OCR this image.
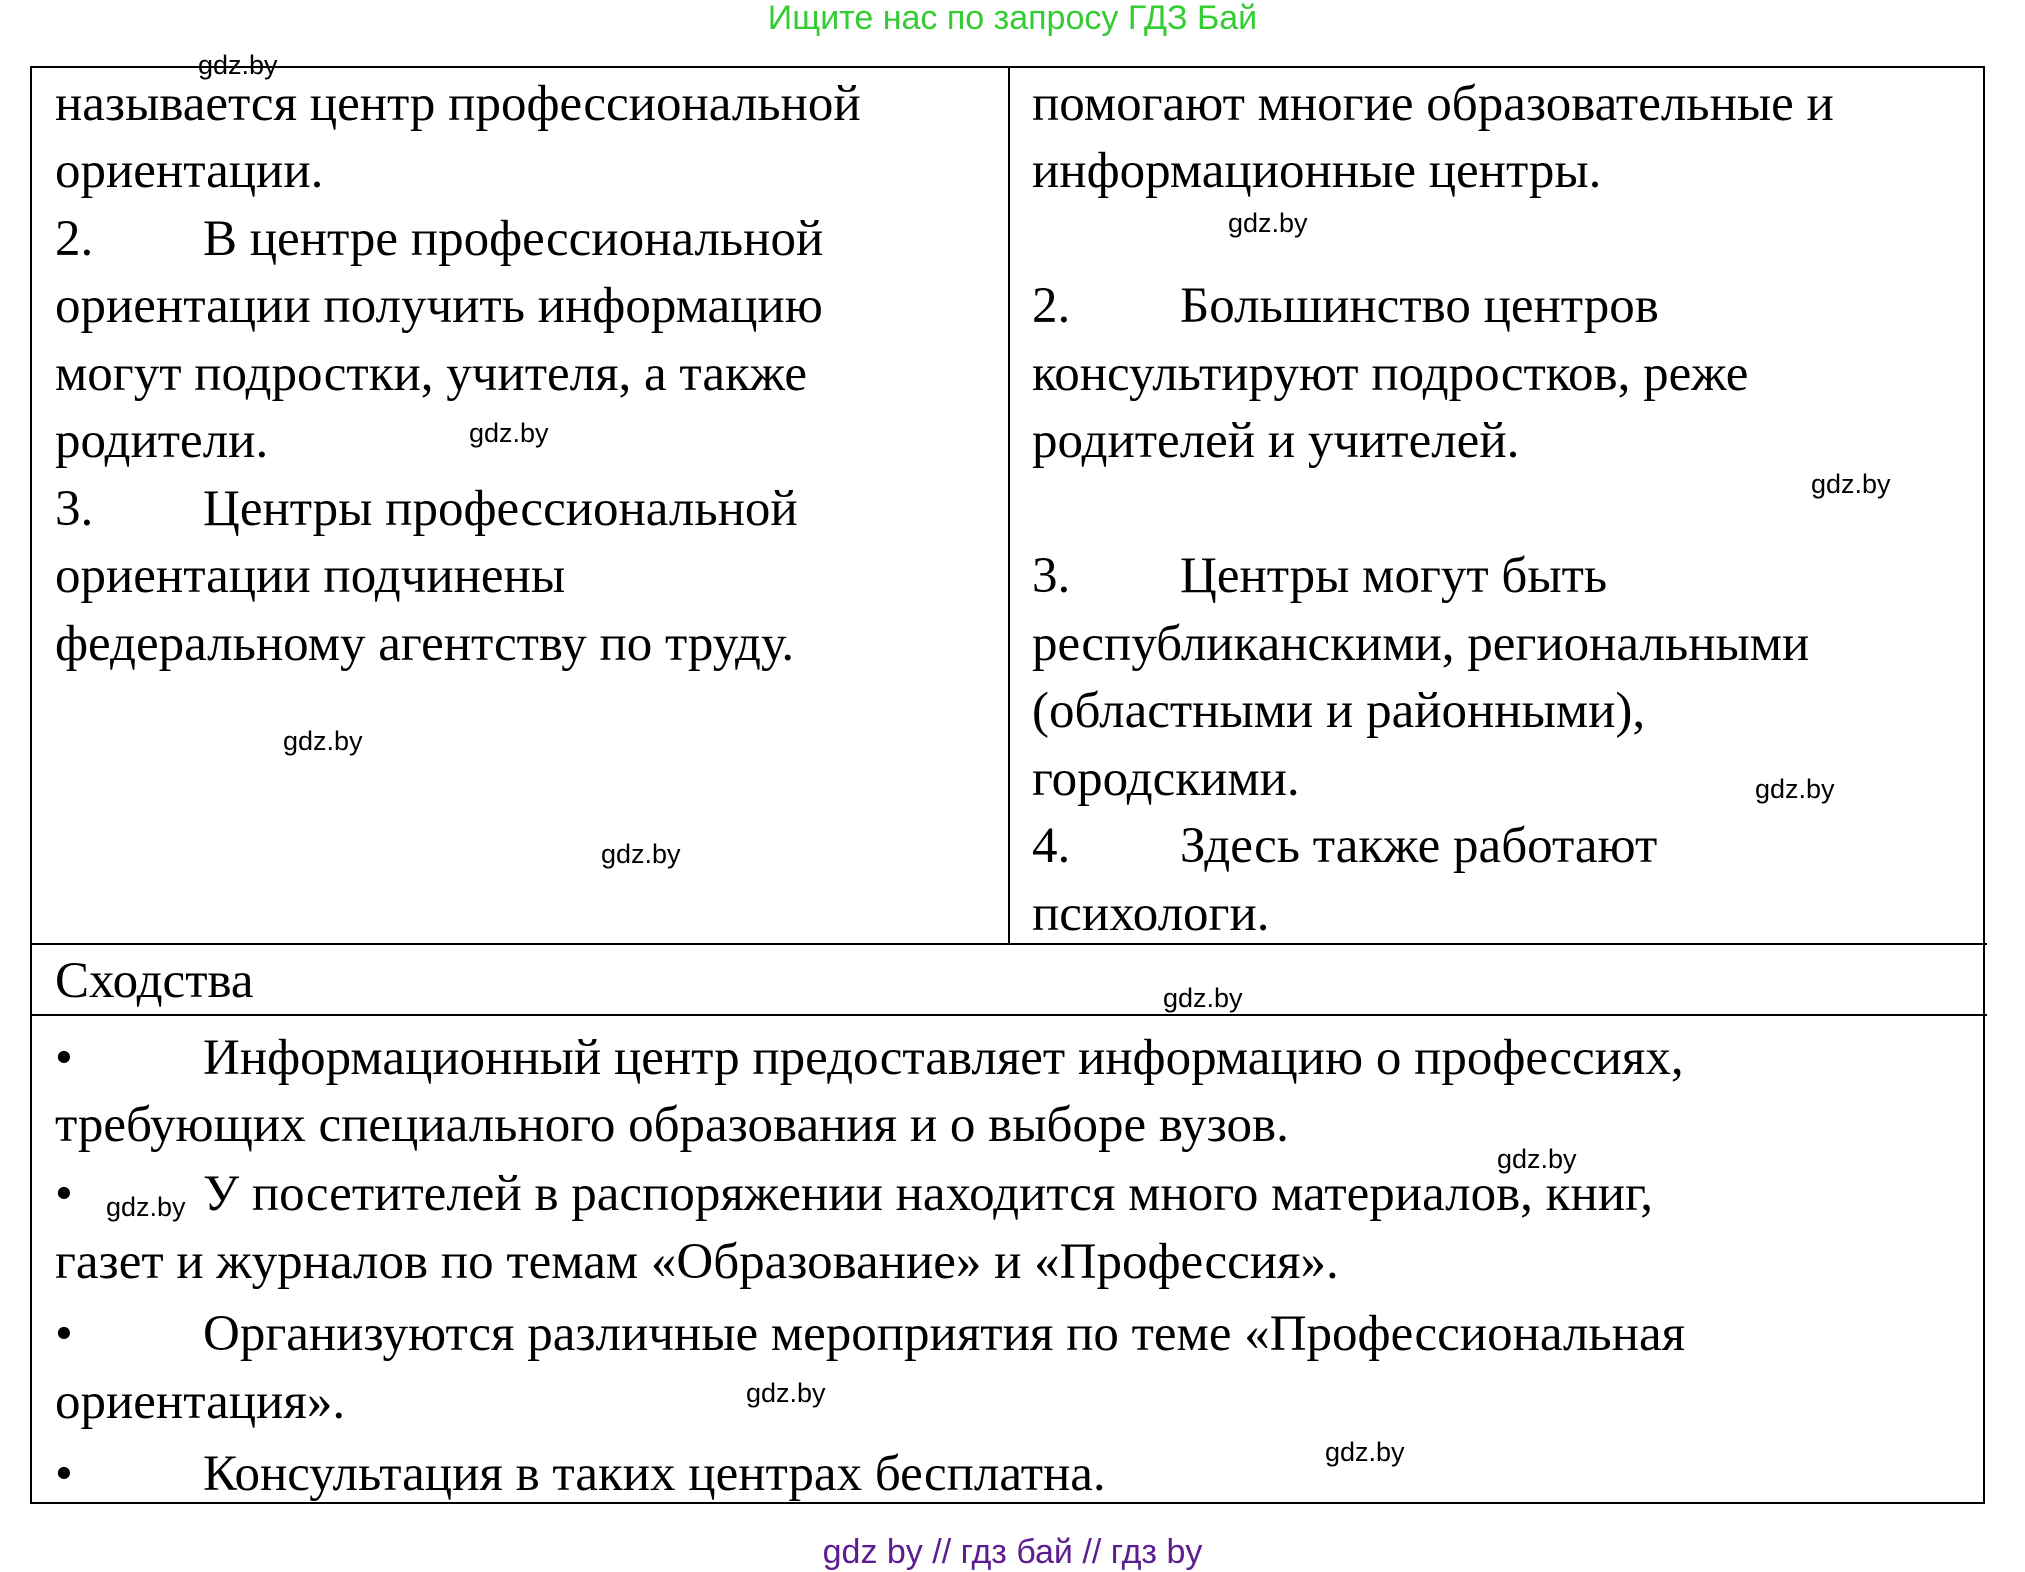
Ищите нас по запросу ГДЗ Бай
называется центр профессиональной
ориентации.
2. В центре профессиональной
ориентации получить информацию
могут подростки, учителя, а также
родители.
3. Центры профессиональной
ориентации подчинены
федеральному агентству по труду.
помогают многие образовательные и
информационные центры.
2. Большинство центров
консультируют подростков, реже
родителей и учителей.
3. Центры могут быть
республиканскими, региональными
(областными и районными),
городскими.
4. Здесь также работают
психологи.
Сходства
•	Информационный центр предоставляет информацию о профессиях,
требующих специального образования и о выборе вузов.
•	У посетителей в распоряжении находится много материалов, книг,
газет и журналов по темам «Образование» и «Профессия».
•	Организуются различные мероприятия по теме «Профессиональная
ориентация».
•	Консультация в таких центрах бесплатна.
gdz.by
gdz.by
gdz.by
gdz.by
gdz.by
gdz.by
gdz.by
gdz.by
gdz.by
gdz.by
gdz.by
gdz.by
gdz by // гдз бай // гдз by
